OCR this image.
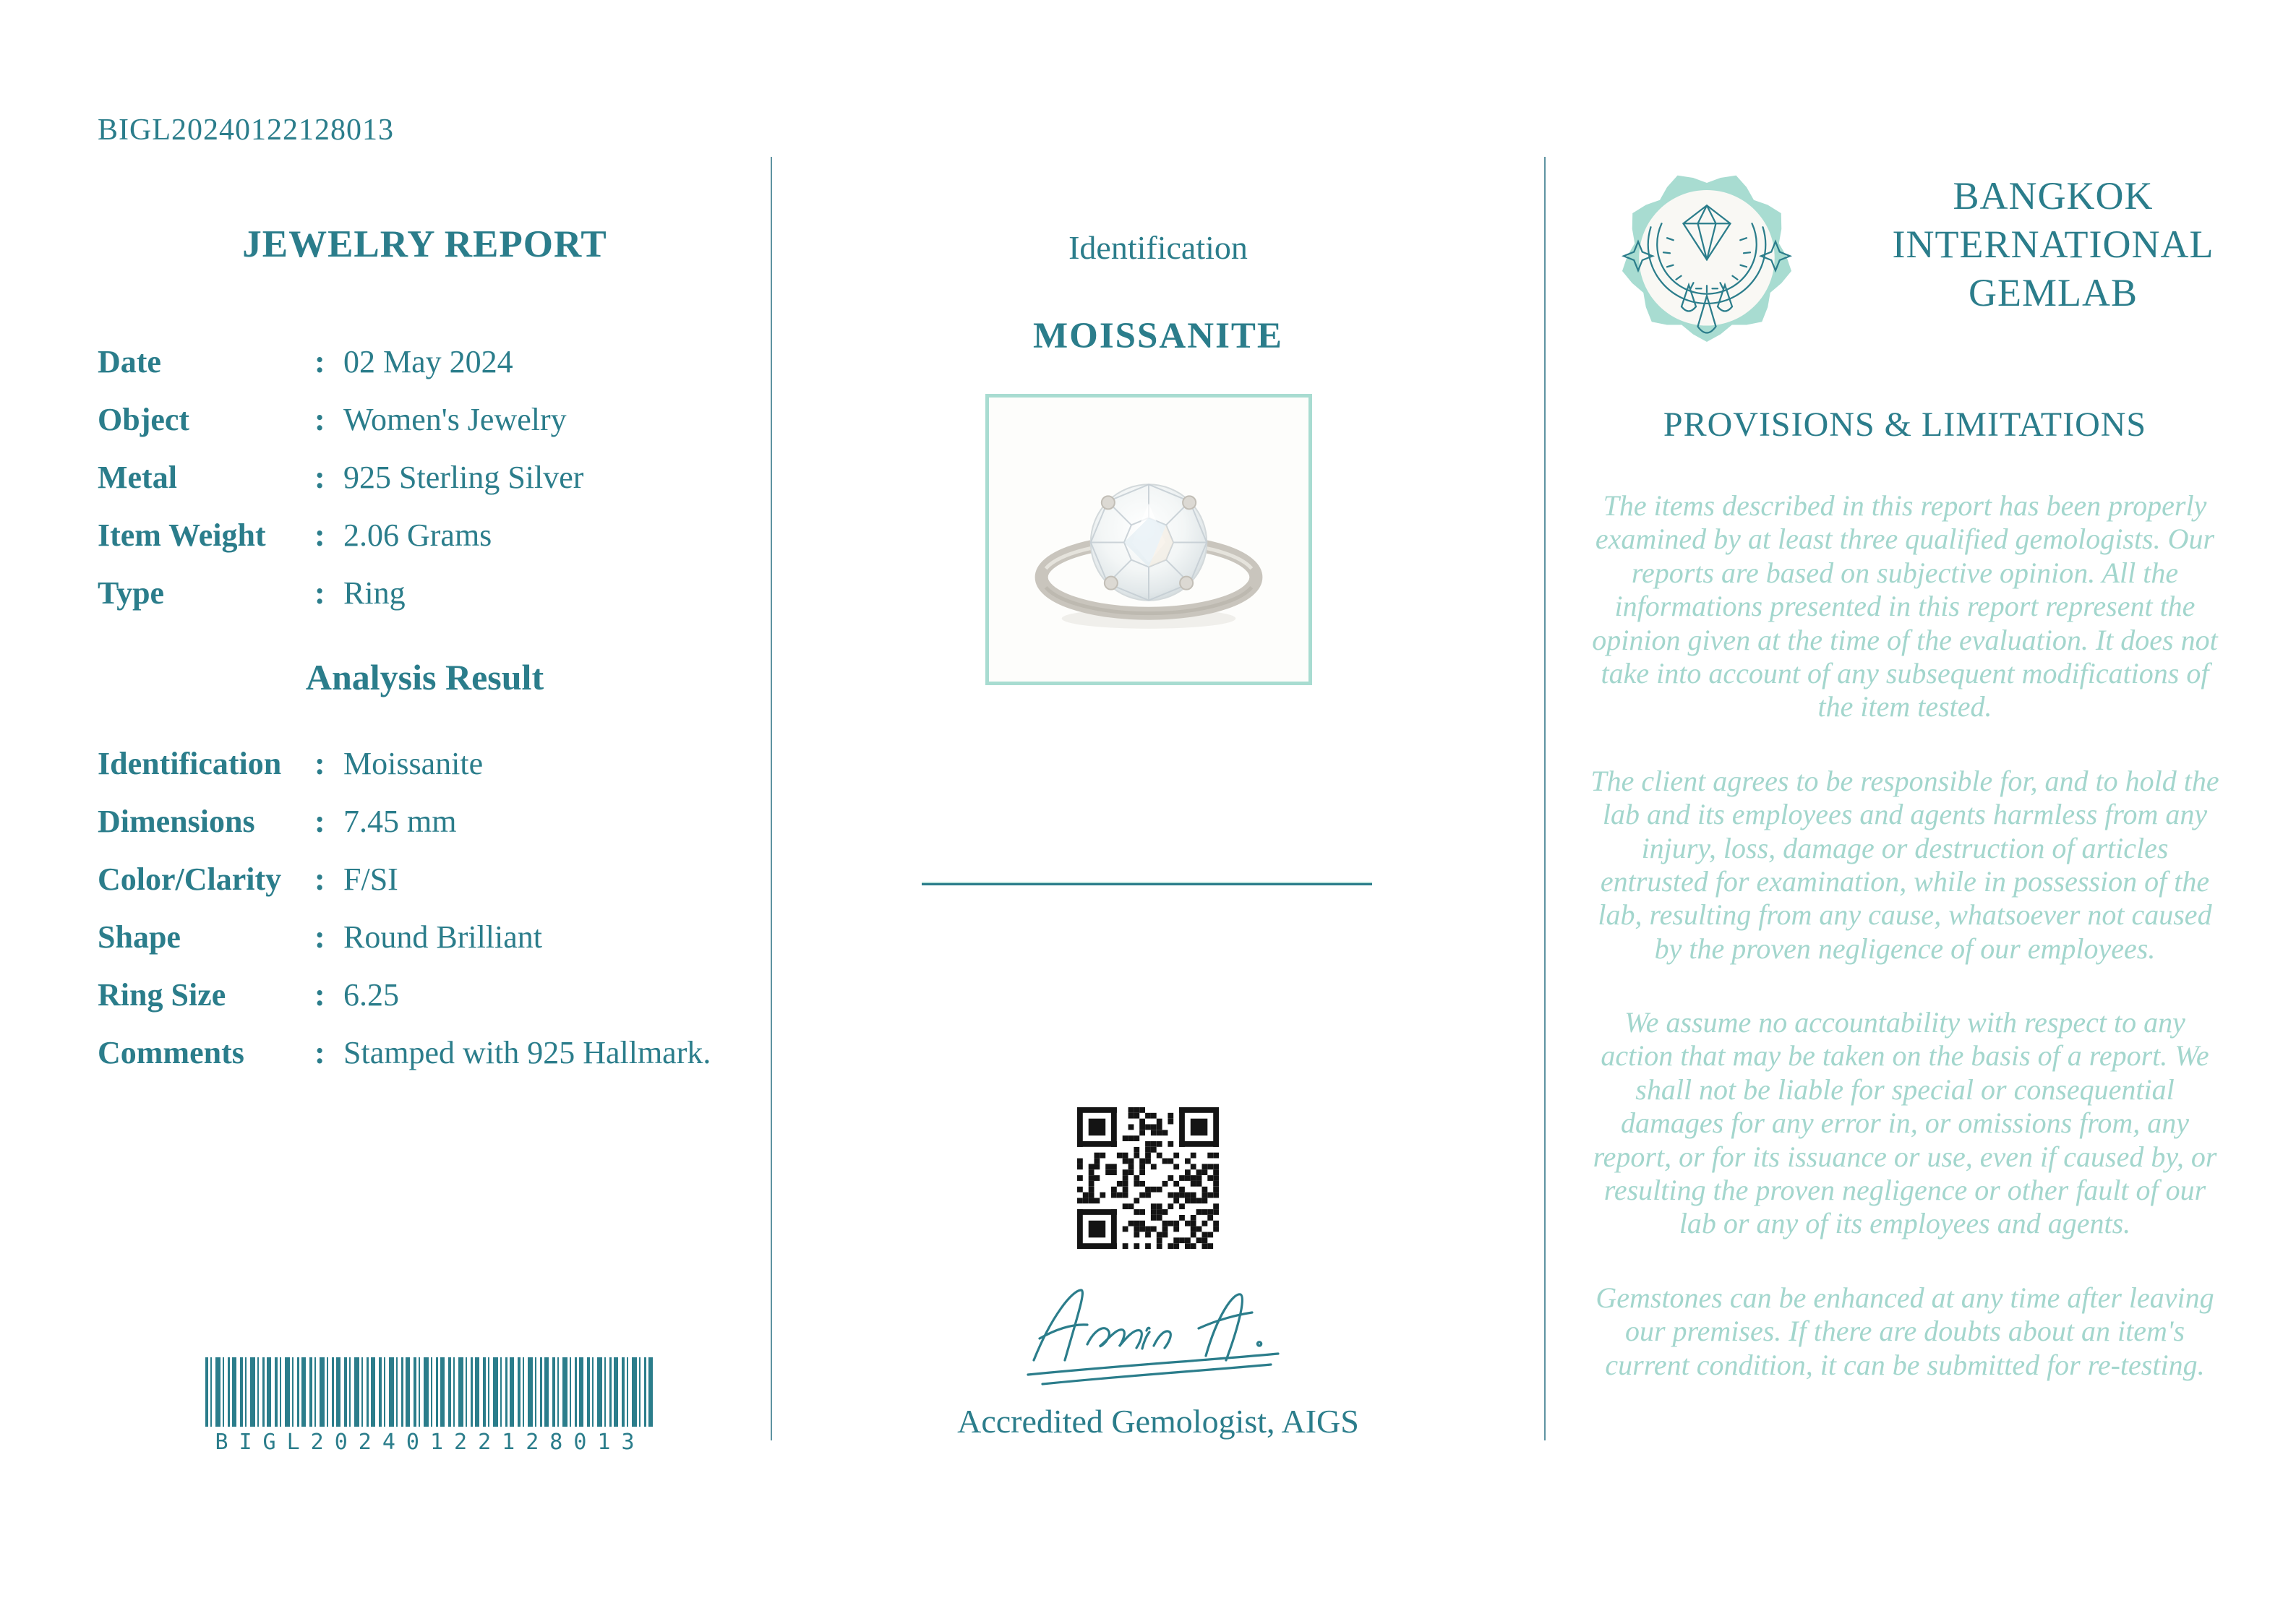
BIGL20240122128013
JEWELRY REPORT
Date	: 02 May 2024
Object	: Women's Jewelry
Metal	: 925 Sterling Silver
Item Weight	: 2.06 Grams
Type	: Ring
Analysis Result
Identification	: Moissanite
Dimensions	: 7.45 mm
Color/Clarity	: F/SI
Shape	: Round Brilliant
Ring Size	: 6.25
Comments	: Stamped with 925 Hallmark.
BIGL20240122128013
Identification
MOISSANITE
Accredited Gemologist, AIGS
BANGKOK
INTERNATIONAL
GEMLAB
PROVISIONS & LIMITATIONS

The items described in this report has been properly examined by at least three qualified gemologists. Our reports are based on subjective opinion. All the informations presented in this report represent the opinion given at the time of the evaluation. It does not take into account of any subsequent modifications of the item tested.

The client agrees to be responsible for, and to hold the lab and its employees and agents harmless from any injury, loss, damage or destruction of articles entrusted for examination, while in possession of the lab, resulting from any cause, whatsoever not caused by the proven negligence of our employees.

We assume no accountability with respect to any action that may be taken on the basis of a report. We shall not be liable for special or consequential damages for any error in, or omissions from, any report, or for its issuance or use, even if caused by, or resulting the proven negligence or other fault of our lab or any of its employees and agents.

Gemstones can be enhanced at any time after leaving our premises. If there are doubts about an item's current condition, it can be submitted for re-testing.
